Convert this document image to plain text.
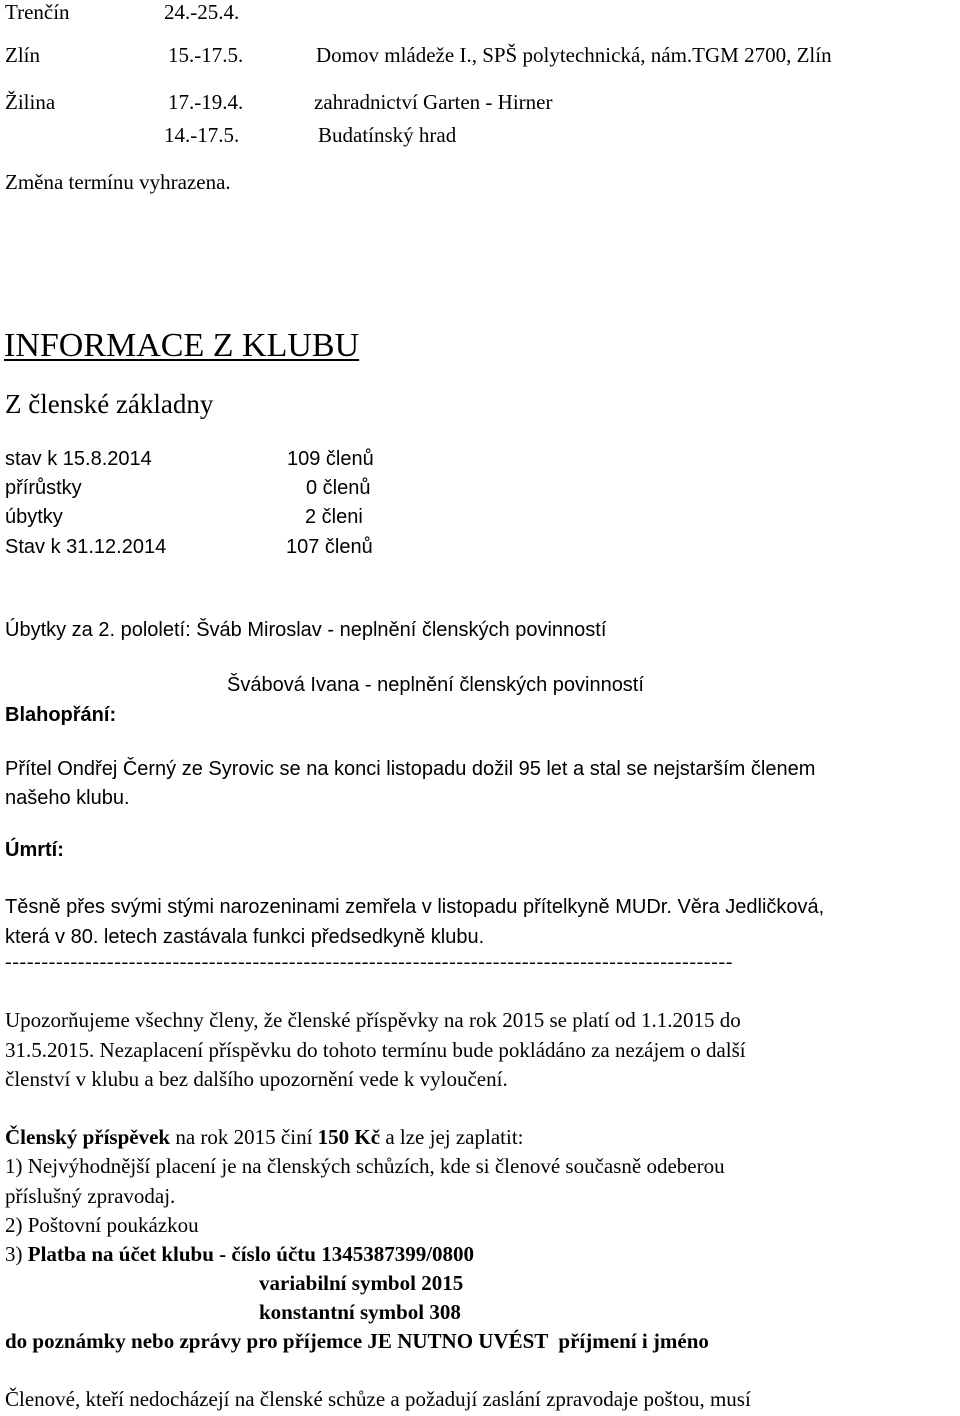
Trenčín	24.-25.4.
Zlín	15.-17.5.	Domov mládeže I., SPŠ polytechnická, nám.TGM 2700, Zlín
Žilina	17.-19.4.	zahradnictví Garten - Hirner
14.-17.5.	Budatínský hrad
Změna termínu vyhrazena.
INFORMACE Z KLUBU
Z členské základny
stav k 15.8.2014	109 členů
přírůstky	0 členů
úbytky	2 členi
Stav k 31.12.2014	107 členů
Úbytky za 2. pololetí: Šváb Miroslav - neplnění členských povinností
Švábová Ivana - neplnění členských povinností
Blahopřání:
Přítel Ondřej Černý ze Syrovic se na konci listopadu dožil 95 let a stal se nejstarším členem
našeho klubu.
Úmrtí:
Těsně přes svými stými narozeninami zemřela v listopadu přítelkyně MUDr. Věra Jedličková,
která v 80. letech zastávala funkci předsedkyně klubu.
----------------------------------------------------------------------------------------------------
Upozorňujeme všechny členy, že členské příspěvky na rok 2015 se platí od 1.1.2015 do
31.5.2015. Nezaplacení příspěvku do tohoto termínu bude pokládáno za nezájem o další
členství v klubu a bez dalšího upozornění vede k vyloučení.
Členský příspěvek na rok 2015 činí 150 Kč a lze jej zaplatit:
1) Nejvýhodnější placení je na členských schůzích, kde si členové současně odeberou
příslušný zpravodaj.
2) Poštovní poukázkou
3) Platba na účet klubu - číslo účtu 1345387399/0800
variabilní symbol 2015
konstantní symbol 308
do poznámky nebo zprávy pro příjemce JE NUTNO UVÉST  příjmení i jméno
Členové, kteří nedocházejí na členské schůze a požadují zaslání zpravodaje poštou, musí
